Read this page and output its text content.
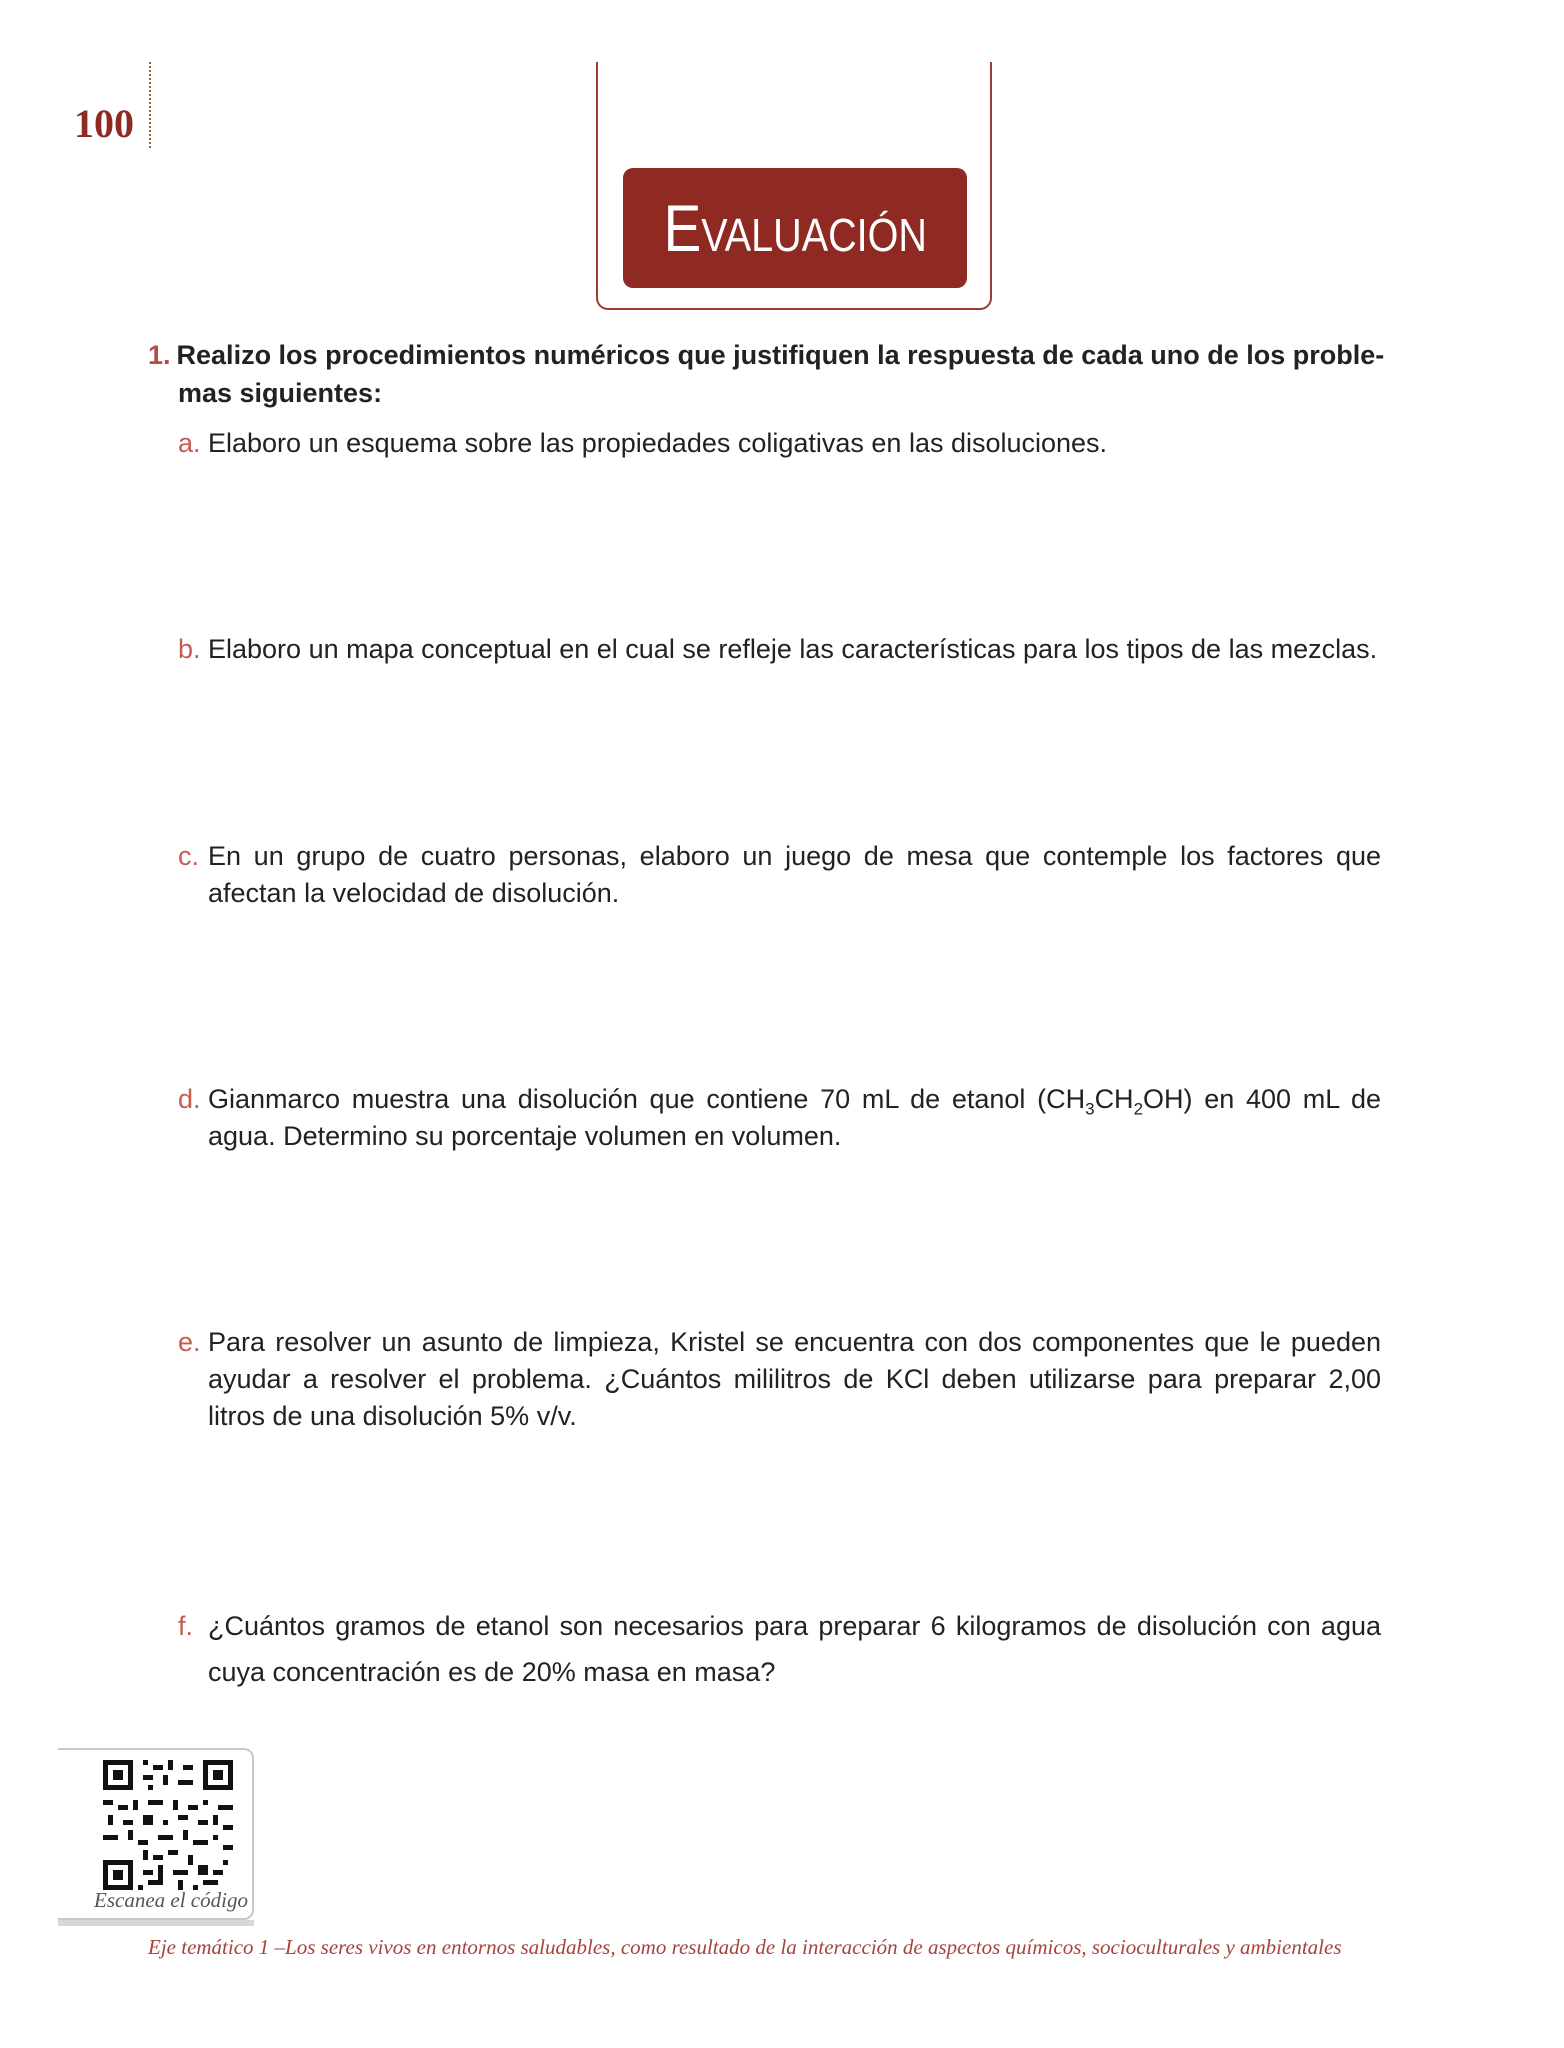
100
Evaluación
1. Realizo los procedimientos numéricos que justifiquen la respuesta de cada uno de los proble-
mas siguientes:
a. Elaboro un esquema sobre las propiedades coligativas en las disoluciones.
b. Elaboro un mapa conceptual en el cual se refleje las características para los tipos de las mezclas.
c. En un grupo de cuatro personas, elaboro un juego de mesa que contemple los factores que afectan la velocidad de disolución.
d. Gianmarco muestra una disolución que contiene 70 mL de etanol $(CH_3CH_2OH)$ en 400 mL de agua. Determino su porcentaje volumen en volumen.
e. Para resolver un asunto de limpieza, Kristel se encuentra con dos componentes que le pueden ayudar a resolver el problema. ¿Cuántos mililitros de KCl deben utilizarse para preparar 2,00 litros de una disolución 5% v/v.
f. ¿Cuántos gramos de etanol son necesarios para preparar 6 kilogramos de disolución con agua cuya concentración es de 20% masa en masa?
Escanea el código
Eje temático 1 –Los seres vivos en entornos saludables, como resultado de la interacción de aspectos químicos, socioculturales y ambientales
